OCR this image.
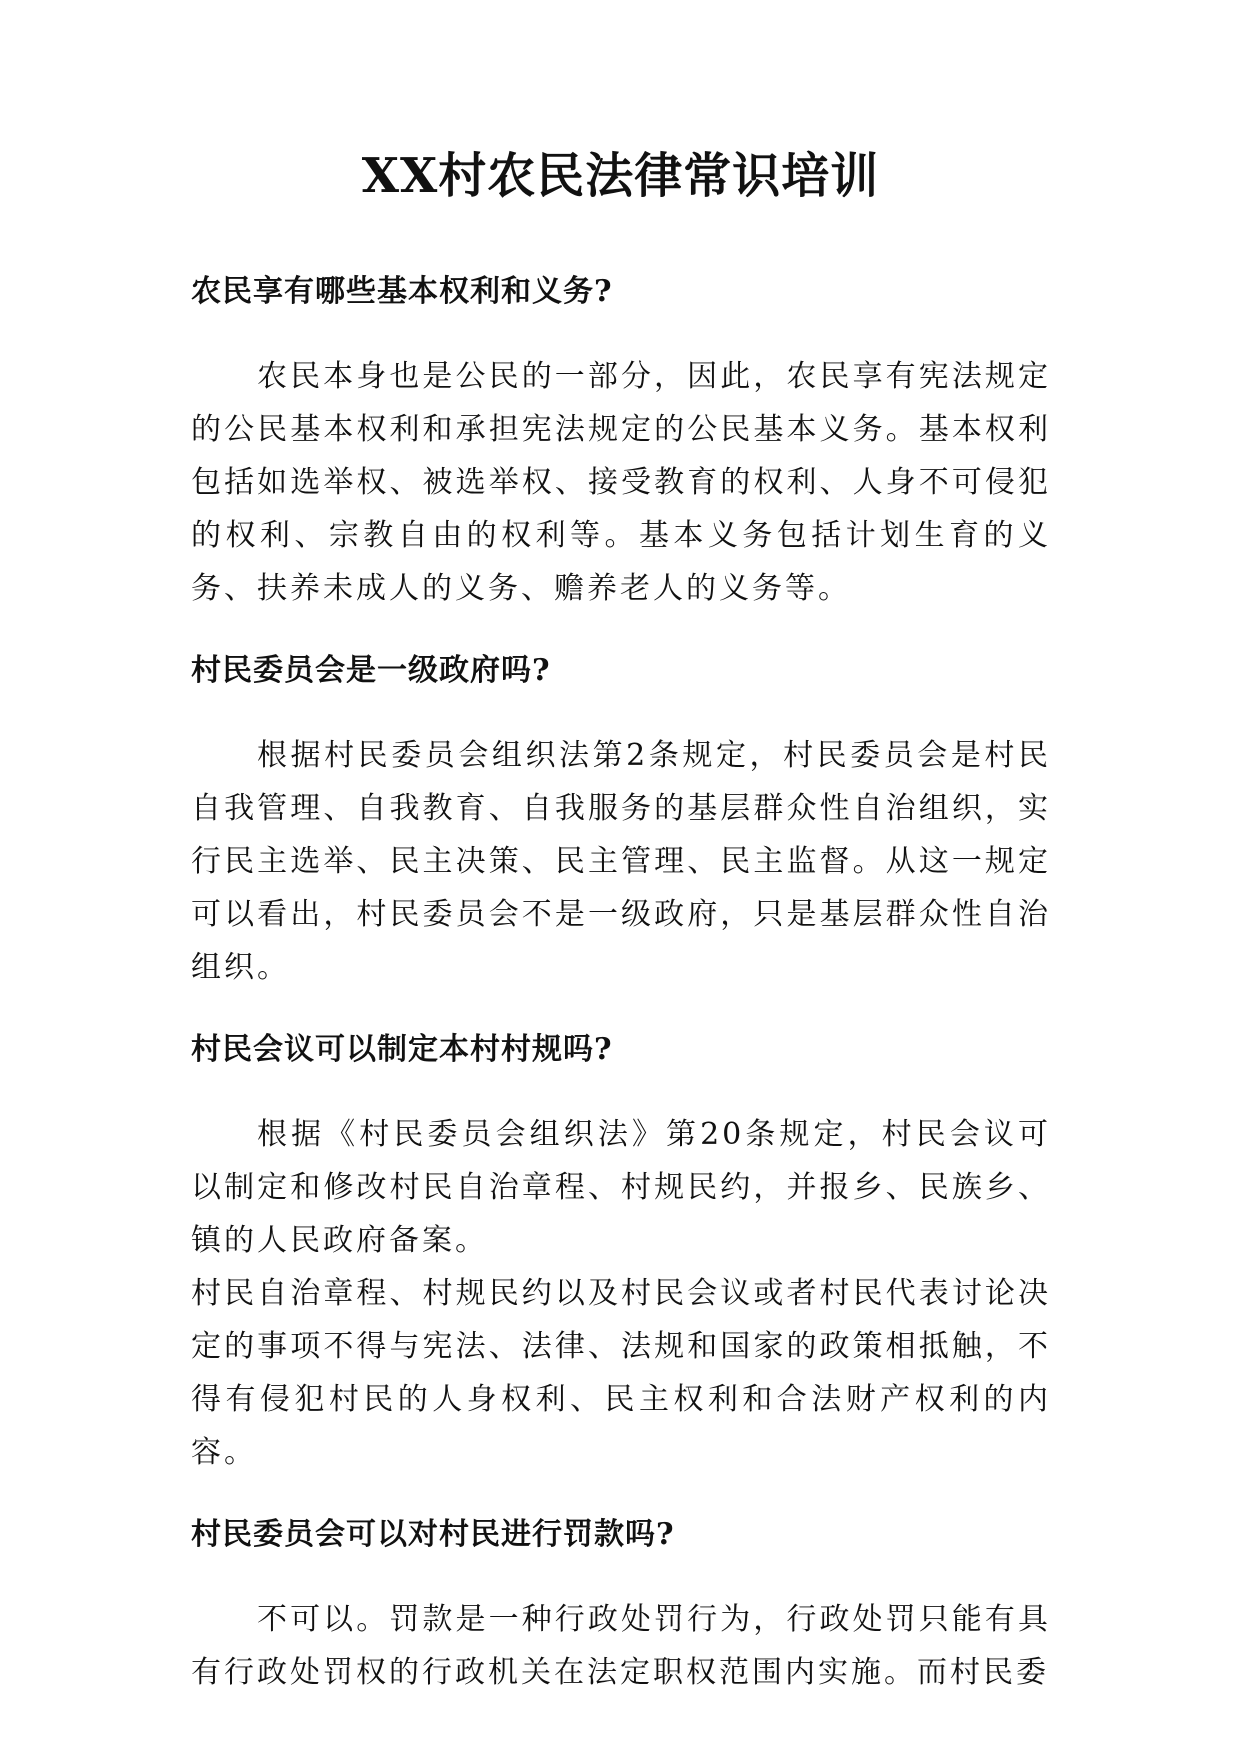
XX村农民法律常识培训

农民享有哪些基本权利和义务?

农民本身也是公民的一部分，因此，农民享有宪法规定的公民基本权利和承担宪法规定的公民基本义务。基本权利包括如选举权、被选举权、接受教育的权利、人身不可侵犯的权利、宗教自由的权利等。基本义务包括计划生育的义务、扶养未成人的义务、赡养老人的义务等。

村民委员会是一级政府吗?

根据村民委员会组织法第2条规定，村民委员会是村民自我管理、自我教育、自我服务的基层群众性自治组织，实行民主选举、民主决策、民主管理、民主监督。从这一规定可以看出，村民委员会不是一级政府，只是基层群众性自治组织。

村民会议可以制定本村村规吗?

根据《村民委员会组织法》第20条规定，村民会议可以制定和修改村民自治章程、村规民约，并报乡、民族乡、镇的人民政府备案。

村民自治章程、村规民约以及村民会议或者村民代表讨论决定的事项不得与宪法、法律、法规和国家的政策相抵触，不得有侵犯村民的人身权利、民主权利和合法财产权利的内容。

村民委员会可以对村民进行罚款吗?

不可以。罚款是一种行政处罚行为，行政处罚只能有具有行政处罚权的行政机关在法定职权范围内实施。而村民委
